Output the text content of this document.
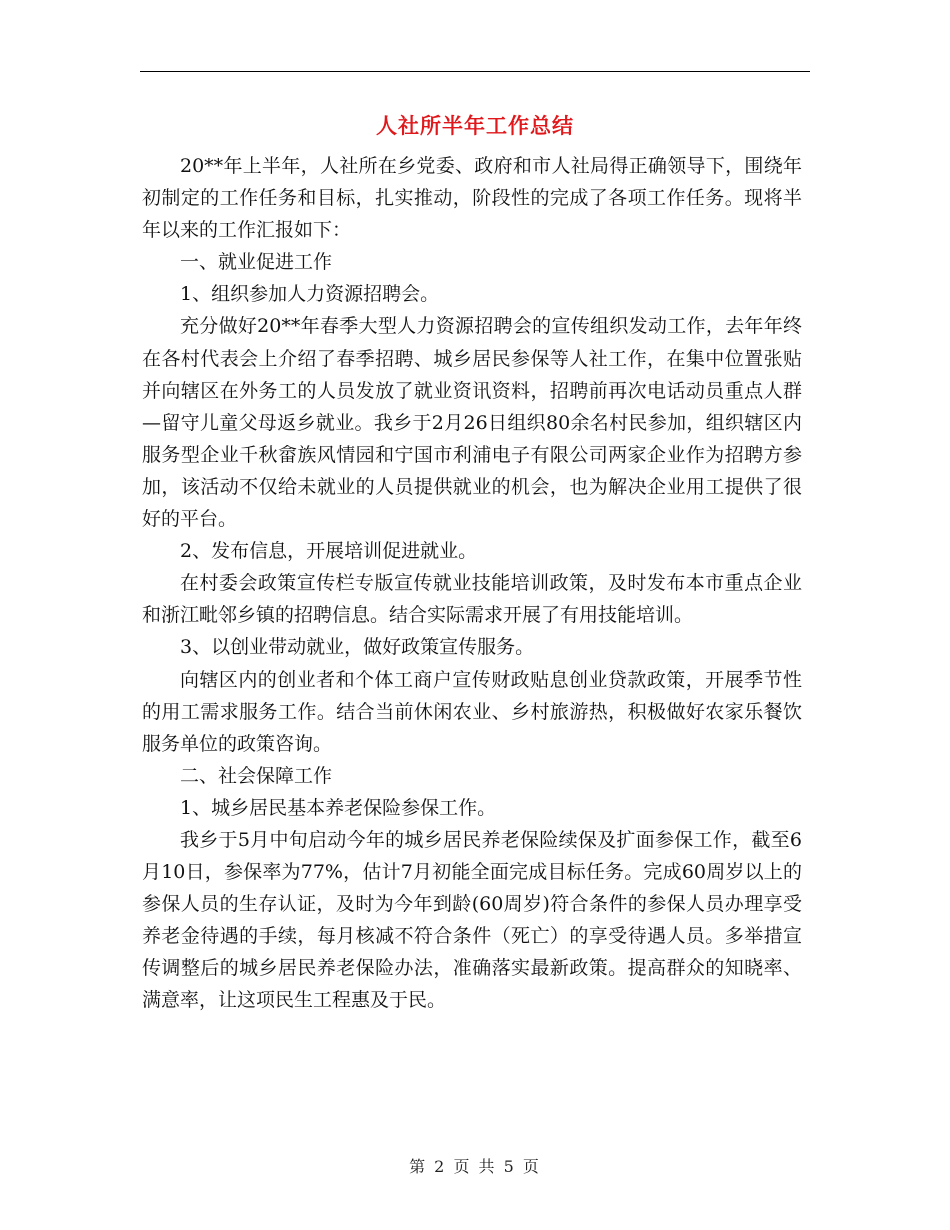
人社所半年工作总结

20**年上半年，人社所在乡党委、政府和市人社局得正确领导下，围绕年初制定的工作任务和目标，扎实推动，阶段性的完成了各项工作任务。现将半年以来的工作汇报如下：

一、就业促进工作

1、组织参加人力资源招聘会。

充分做好20**年春季大型人力资源招聘会的宣传组织发动工作，去年年终在各村代表会上介绍了春季招聘、城乡居民参保等人社工作，在集中位置张贴并向辖区在外务工的人员发放了就业资讯资料，招聘前再次电话动员重点人群—留守儿童父母返乡就业。我乡于2月26日组织80余名村民参加，组织辖区内服务型企业千秋畲族风情园和宁国市利浦电子有限公司两家企业作为招聘方参加，该活动不仅给未就业的人员提供就业的机会，也为解决企业用工提供了很好的平台。

2、发布信息，开展培训促进就业。

在村委会政策宣传栏专版宣传就业技能培训政策，及时发布本市重点企业和浙江毗邻乡镇的招聘信息。结合实际需求开展了有用技能培训。

3、以创业带动就业，做好政策宣传服务。

向辖区内的创业者和个体工商户宣传财政贴息创业贷款政策，开展季节性的用工需求服务工作。结合当前休闲农业、乡村旅游热，积极做好农家乐餐饮服务单位的政策咨询。

二、社会保障工作

1、城乡居民基本养老保险参保工作。

我乡于5月中旬启动今年的城乡居民养老保险续保及扩面参保工作，截至6月10日，参保率为77%，估计7月初能全面完成目标任务。完成60周岁以上的参保人员的生存认证，及时为今年到龄(60周岁)符合条件的参保人员办理享受养老金待遇的手续，每月核减不符合条件（死亡）的享受待遇人员。多举措宣传调整后的城乡居民养老保险办法，准确落实最新政策。提高群众的知晓率、满意率，让这项民生工程惠及于民。

第 2 页 共 5 页
